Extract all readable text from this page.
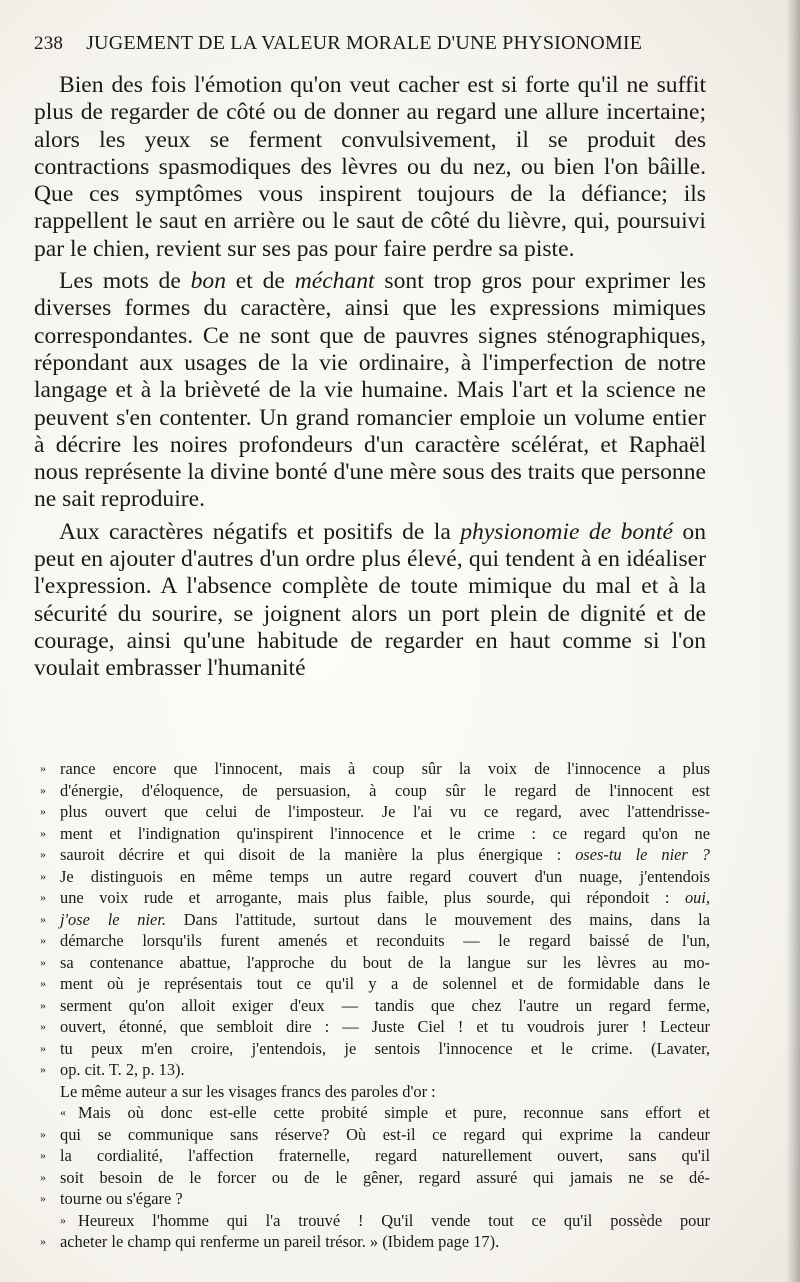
238 JUGEMENT DE LA VALEUR MORALE D'UNE PHYSIONOMIE

Bien des fois l'émotion qu'on veut cacher est si forte qu'il ne suffit plus de regarder de côté ou de donner au regard une allure incertaine; alors les yeux se ferment convulsivement, il se produit des contractions spasmodiques des lèvres ou du nez, ou bien l'on bâille. Que ces symptômes vous inspirent toujours de la défiance; ils rappellent le saut en arrière ou le saut de côté du lièvre, qui, poursuivi par le chien, revient sur ses pas pour faire perdre sa piste.

Les mots de bon et de méchant sont trop gros pour exprimer les diverses formes du caractère, ainsi que les expressions mimiques correspondantes. Ce ne sont que de pauvres signes sténographiques, répondant aux usages de la vie ordinaire, à l'imperfection de notre langage et à la brièveté de la vie humaine. Mais l'art et la science ne peuvent s'en contenter. Un grand romancier emploie un volume entier à décrire les noires profondeurs d'un caractère scélérat, et Raphaël nous représente la divine bonté d'une mère sous des traits que personne ne sait reproduire.

Aux caractères négatifs et positifs de la physionomie de bonté on peut en ajouter d'autres d'un ordre plus élevé, qui tendent à en idéaliser l'expression. A l'absence complète de toute mimique du mal et à la sécurité du sourire, se joignent alors un port plein de dignité et de courage, ainsi qu'une habitude de regarder en haut comme si l'on voulait embrasser l'humanité

» rance encore que l'innocent, mais à coup sûr la voix de l'innocence a plus
» d'énergie, d'éloquence, de persuasion, à coup sûr le regard de l'innocent est
» plus ouvert que celui de l'imposteur. Je l'ai vu ce regard, avec l'attendrisse-
» ment et l'indignation qu'inspirent l'innocence et le crime : ce regard qu'on ne
» sauroit décrire et qui disoit de la manière la plus énergique : oses-tu le nier ?
» Je distinguois en même temps un autre regard couvert d'un nuage, j'entendois
» une voix rude et arrogante, mais plus faible, plus sourde, qui répondoit : oui,
» j'ose le nier. Dans l'attitude, surtout dans le mouvement des mains, dans la
» démarche lorsqu'ils furent amenés et reconduits — le regard baissé de l'un,
» sa contenance abattue, l'approche du bout de la langue sur les lèvres au mo-
» ment où je représentais tout ce qu'il y a de solennel et de formidable dans le
» serment qu'on alloit exiger d'eux — tandis que chez l'autre un regard ferme,
» ouvert, étonné, que sembloit dire : — Juste Ciel ! et tu voudrois jurer ! Lecteur
» tu peux m'en croire, j'entendois, je sentois l'innocence et le crime. (Lavater,
» op. cit. T. 2, p. 13).
Le même auteur a sur les visages francs des paroles d'or :
« Mais où donc est-elle cette probité simple et pure, reconnue sans effort et
» qui se communique sans réserve? Où est-il ce regard qui exprime la candeur
» la cordialité, l'affection fraternelle, regard naturellement ouvert, sans qu'il
» soit besoin de le forcer ou de le gêner, regard assuré qui jamais ne se dé-
» tourne ou s'égare ?
» Heureux l'homme qui l'a trouvé ! Qu'il vende tout ce qu'il possède pour
» acheter le champ qui renferme un pareil trésor. » (Ibidem page 17).
